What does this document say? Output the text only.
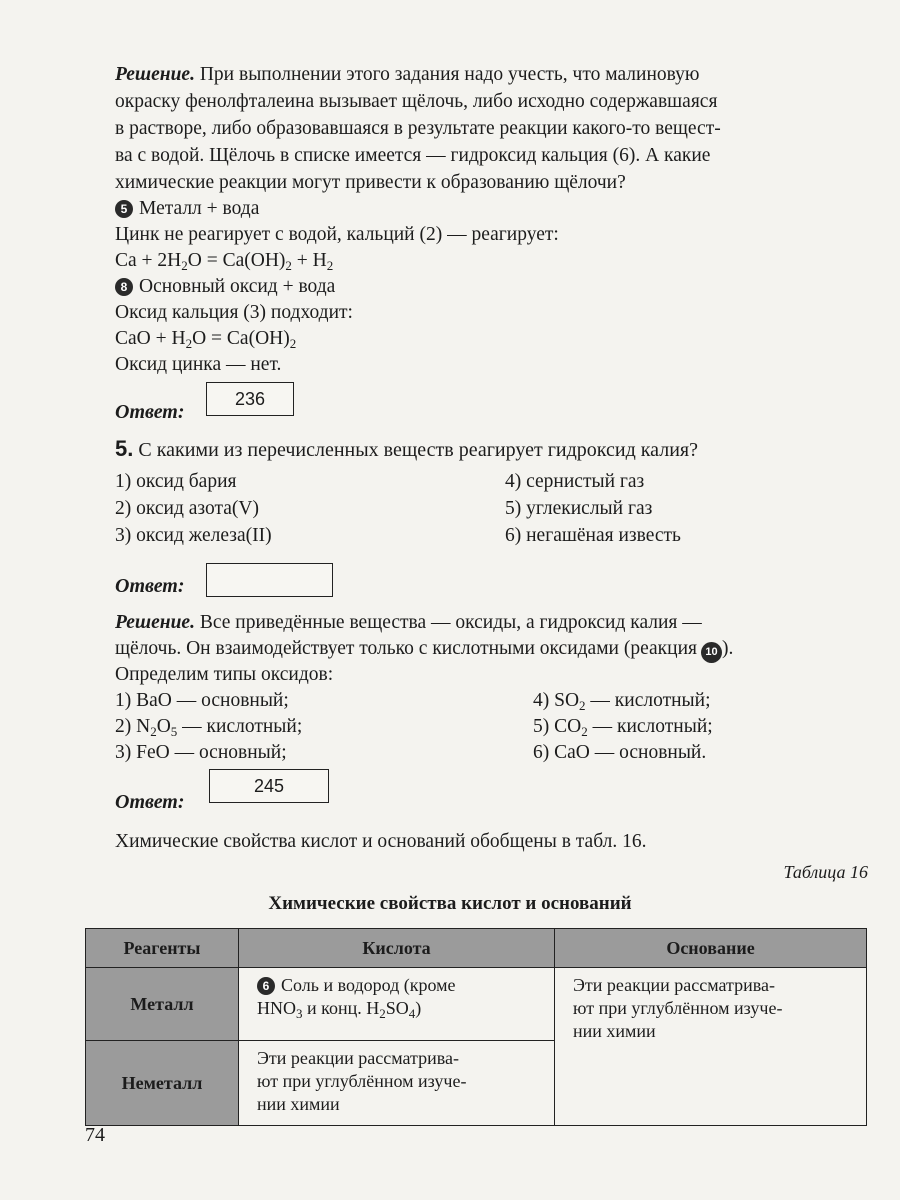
Решение. При выполнении этого задания надо учесть, что малиновую
окраску фенолфталеина вызывает щёлочь, либо исходно содержавшаяся
в растворе, либо образовавшаяся в результате реакции какого-то вещест-
ва с водой. Щёлочь в списке имеется — гидроксид кальция (6). А какие
химические реакции могут привести к образованию щёлочи?
5 Металл + вода
Цинк не реагирует с водой, кальций (2) — реагирует:
$Ca + 2H_2O = Ca(OH)_2 + H_2$
8 Основный оксид + вода
Оксид кальция (3) подходит:
CaO + $H_2O = Ca(OH)_2$
Оксид цинка — нет.
Ответ:
236
5. С какими из перечисленных веществ реагирует гидроксид калия?
1) оксид бария
2) оксид азота(V)
3) оксид железа(II)
4) сернистый газ
5) углекислый газ
6) негашёная известь
Ответ:
Решение. Все приведённые вещества — оксиды, а гидроксид калия —
щёлочь. Он взаимодействует только с кислотными оксидами (реакция 10 ).
Определим типы оксидов:
1) BaO — основный;
2) $N_2O_5$ — кислотный;
3) FeO — основный;
4) $SO_2$ — кислотный;
5) $CO_2$ — кислотный;
6) CaO — основный.
Ответ:
245
Химические свойства кислот и оснований обобщены в табл. 16.
Таблица 16
Химические свойства кислот и оснований
Реагенты	Кислота	Основание
Металл	6 Соль и водород (кроме
$HNO_3$ и конц. $H_2SO_4$)	Эти реакции рассматрива-
ют при углублённом изуче-
нии химии
Неметалл	Эти реакции рассматрива-
ют при углублённом изуче-
нии химии	
74
